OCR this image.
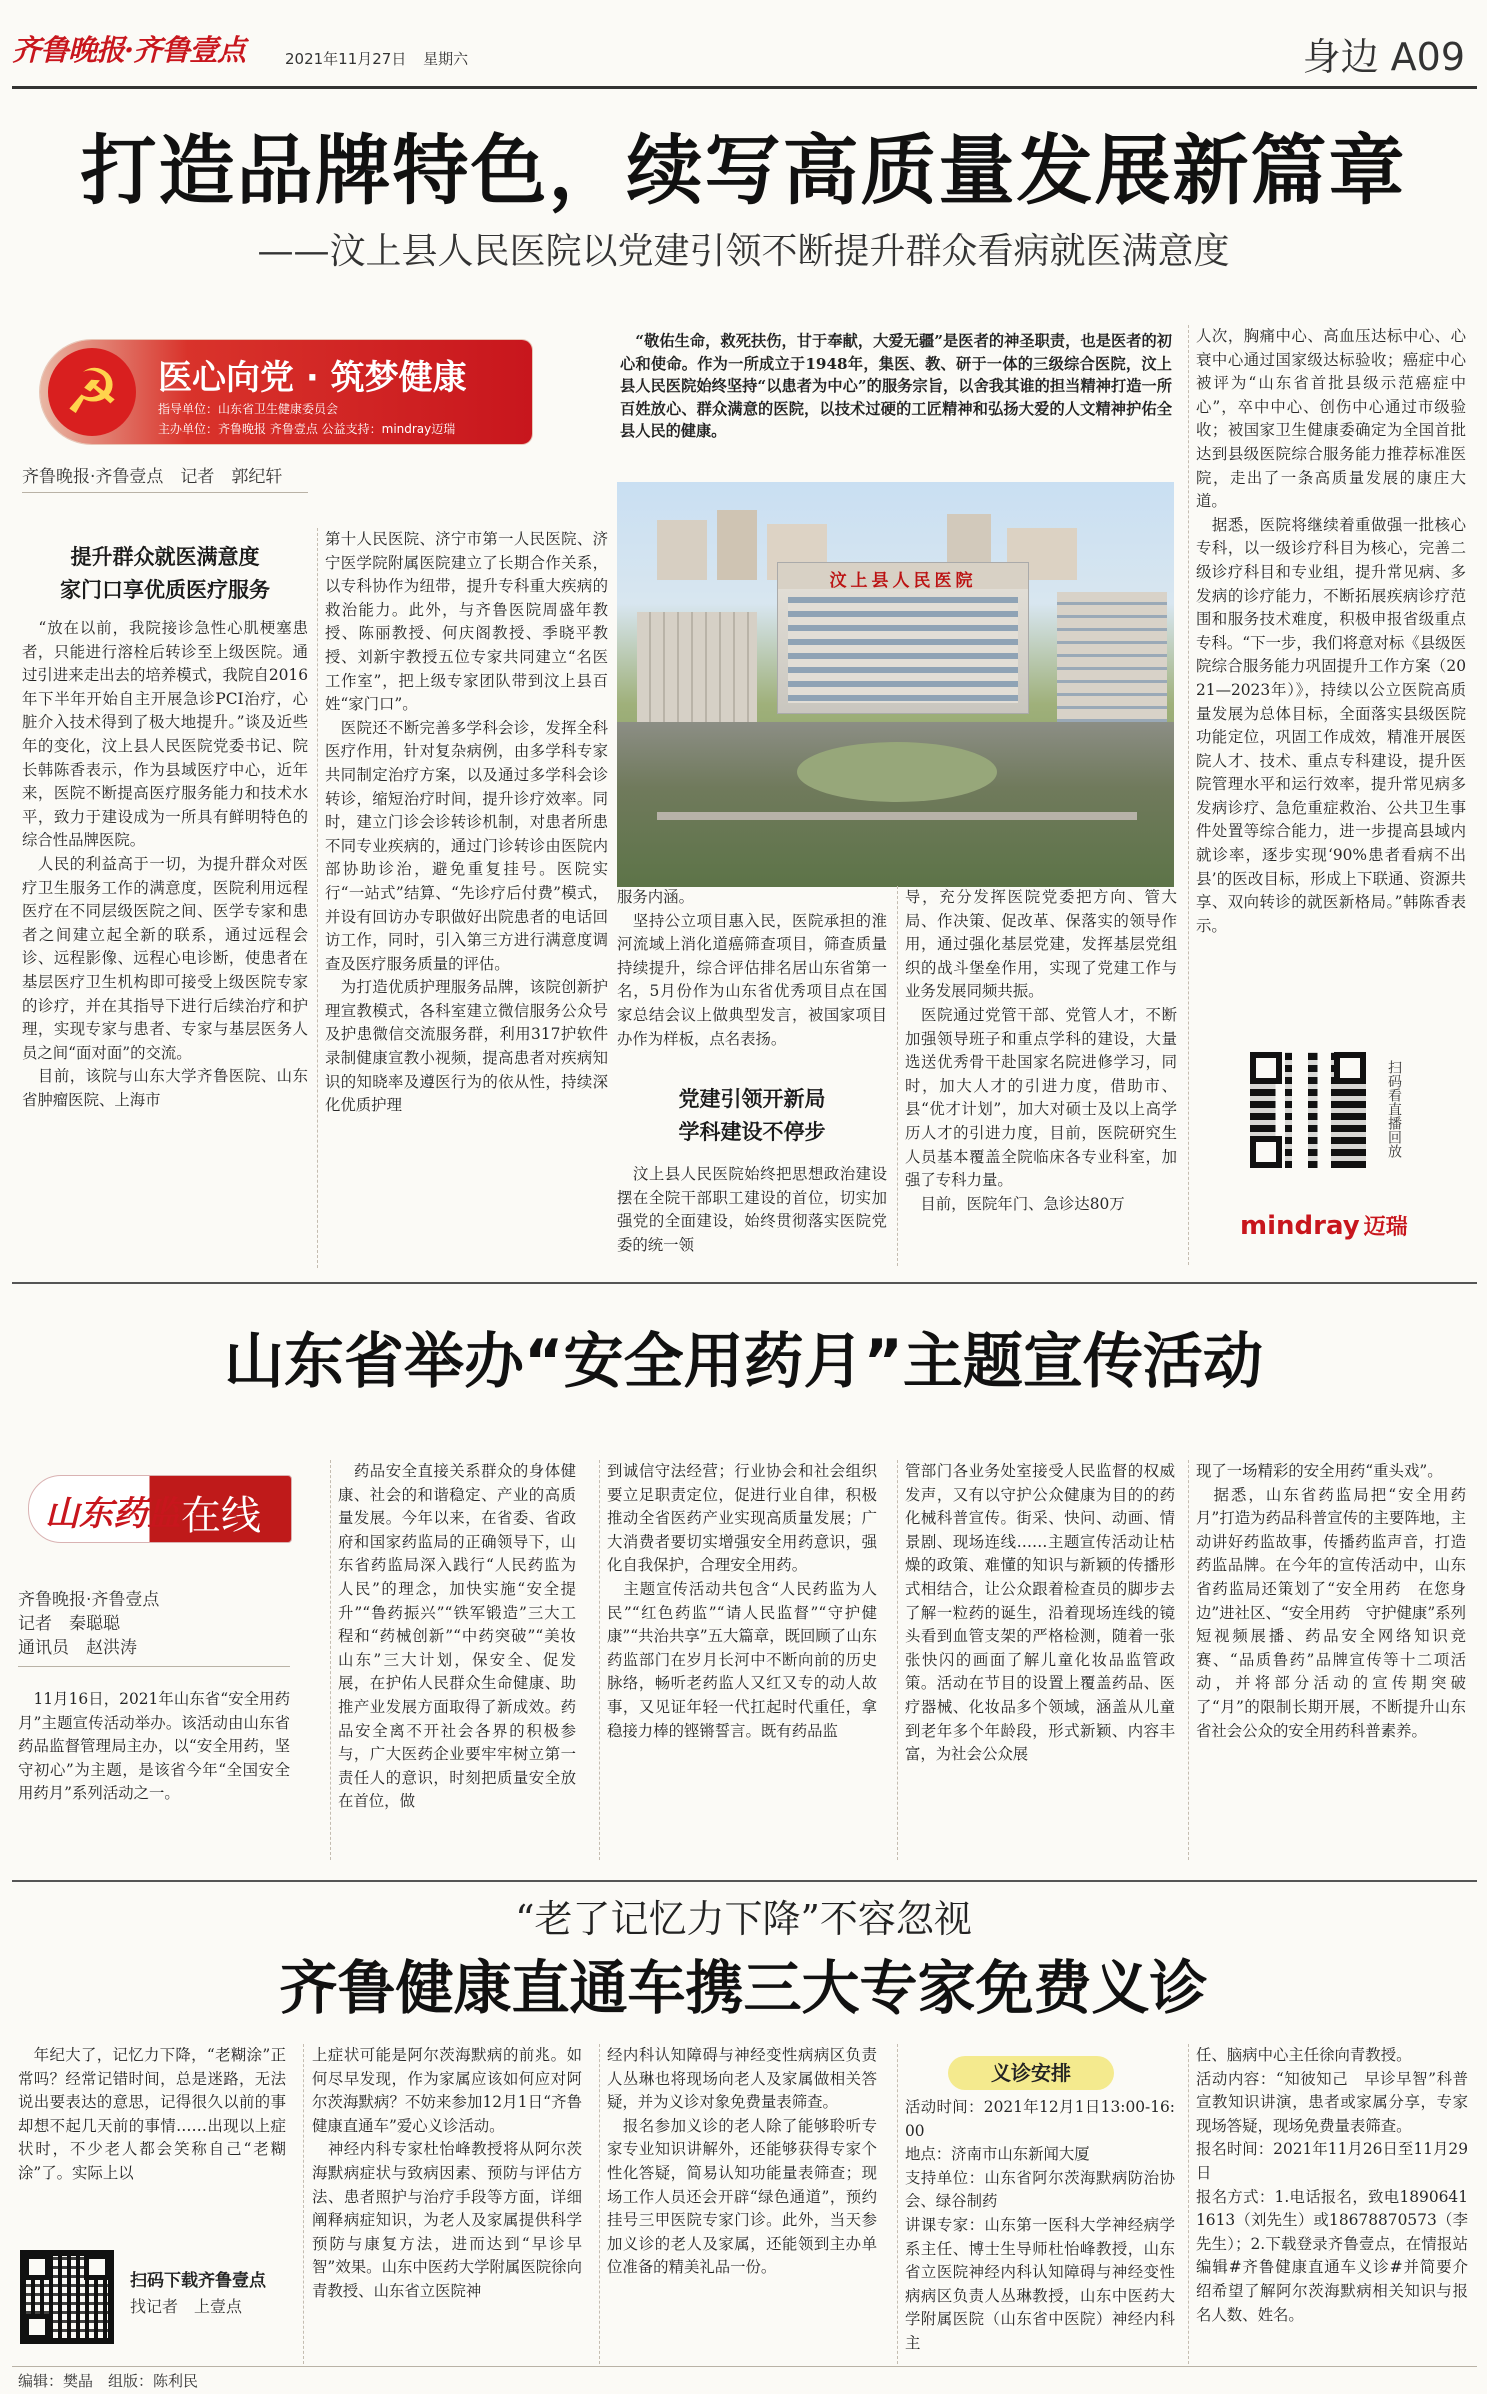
齐鲁晚报·齐鲁壹点	2021年11月27日 星期六	身边 A09
打造品牌特色，续写高质量发展新篇章
——汶上县人民医院以党建引领不断提升群众看病就医满意度
☭	医心向党 · 筑梦健康
指导单位：山东省卫生健康委员会
主办单位：齐鲁晚报 齐鲁壹点 公益支持：mindray迈瑞
齐鲁晚报·齐鲁壹点　记者　郭纪轩
提升群众就医满意度
家门口享优质医疗服务
　“放在以前，我院接诊急性心肌梗塞患者，只能进行溶栓后转诊至上级医院。通过引进来走出去的培养模式，我院自2016年下半年开始自主开展急诊PCI治疗，心脏介入技术得到了极大地提升。”谈及近些年的变化，汶上县人民医院党委书记、院长韩陈香表示，作为县域医疗中心，近年来，医院不断提高医疗服务能力和技术水平，致力于建设成为一所具有鲜明特色的综合性品牌医院。
　人民的利益高于一切，为提升群众对医疗卫生服务工作的满意度，医院利用远程医疗在不同层级医院之间、医学专家和患者之间建立起全新的联系，通过远程会诊、远程影像、远程心电诊断，使患者在基层医疗卫生机构即可接受上级医院专家的诊疗，并在其指导下进行后续治疗和护理，实现专家与患者、专家与基层医务人员之间“面对面”的交流。
　目前，该院与山东大学齐鲁医院、山东省肿瘤医院、上海市
第十人民医院、济宁市第一人民医院、济宁医学院附属医院建立了长期合作关系，以专科协作为纽带，提升专科重大疾病的救治能力。此外，与齐鲁医院周盛年教授、陈丽教授、何庆阁教授、季晓平教授、刘新宇教授五位专家共同建立“名医工作室”，把上级专家团队带到汶上县百姓“家门口”。
　医院还不断完善多学科会诊，发挥全科医疗作用，针对复杂病例，由多学科专家共同制定治疗方案，以及通过多学科会诊转诊，缩短治疗时间，提升诊疗效率。同时，建立门诊会诊转诊机制，对患者所患不同专业疾病的，通过门诊转诊由医院内部协助诊治，避免重复挂号。医院实行“一站式”结算、“先诊疗后付费”模式，并设有回访办专职做好出院患者的电话回访工作，同时，引入第三方进行满意度调查及医疗服务质量的评估。
　为打造优质护理服务品牌，该院创新护理宣教模式，各科室建立微信服务公众号及护患微信交流服务群，利用317护软件录制健康宣教小视频，提高患者对疾病知识的知晓率及遵医行为的依从性，持续深化优质护理
　“敬佑生命，救死扶伤，甘于奉献，大爱无疆”是医者的神圣职责，也是医者的初心和使命。作为一所成立于1948年，集医、教、研于一体的三级综合医院，汶上县人民医院始终坚持“以患者为中心”的服务宗旨，以舍我其谁的担当精神打造一所百姓放心、群众满意的医院，以技术过硬的工匠精神和弘扬大爱的人文精神护佑全县人民的健康。
汶上县人民医院
服务内涵。
　坚持公立项目惠入民，医院承担的淮河流域上消化道癌筛查项目，筛查质量持续提升，综合评估排名居山东省第一名，5月份作为山东省优秀项目点在国家总结会议上做典型发言，被国家项目办作为样板，点名表扬。
党建引领开新局
学科建设不停步
　汶上县人民医院始终把思想政治建设摆在全院干部职工建设的首位，切实加强党的全面建设，始终贯彻落实医院党委的统一领
导，充分发挥医院党委把方向、管大局、作决策、促改革、保落实的领导作用，通过强化基层党建，发挥基层党组织的战斗堡垒作用，实现了党建工作与业务发展同频共振。
　医院通过党管干部、党管人才，不断加强领导班子和重点学科的建设，大量选送优秀骨干赴国家名院进修学习，同时，加大人才的引进力度，借助市、县“优才计划”，加大对硕士及以上高学历人才的引进力度，目前，医院研究生人员基本覆盖全院临床各专业科室，加强了专科力量。
　目前，医院年门、急诊达80万
人次，胸痛中心、高血压达标中心、心衰中心通过国家级达标验收；癌症中心被评为“山东省首批县级示范癌症中心”，卒中中心、创伤中心通过市级验收；被国家卫生健康委确定为全国首批达到县级医院综合服务能力推荐标准医院，走出了一条高质量发展的康庄大道。
　据悉，医院将继续着重做强一批核心专科，以一级诊疗科目为核心，完善二级诊疗科目和专业组，提升常见病、多发病的诊疗能力，不断拓展疾病诊疗范围和服务技术难度，积极申报省级重点专科。“下一步，我们将意对标《县级医院综合服务能力巩固提升工作方案（2021—2023年）》，持续以公立医院高质量发展为总体目标，全面落实县级医院功能定位，巩固工作成效，精准开展医院人才、技术、重点专科建设，提升医院管理水平和运行效率，提升常见病多发病诊疗、急危重症救治、公共卫生事件处置等综合能力，进一步提高县域内就诊率，逐步实现‘90%患者看病不出县’的医改目标，形成上下联通、资源共享、双向转诊的就医新格局。”韩陈香表示。
扫码看直播回放
mindray 迈瑞
山东省举办“安全用药月”主题宣传活动
山东药监 在线
齐鲁晚报·齐鲁壹点
记者　秦聪聪
通讯员　赵洪涛
　11月16日，2021年山东省“安全用药月”主题宣传活动举办。该活动由山东省药品监督管理局主办，以“安全用药，坚守初心”为主题，是该省今年“全国安全用药月”系列活动之一。
　药品安全直接关系群众的身体健康、社会的和谐稳定、产业的高质量发展。今年以来，在省委、省政府和国家药监局的正确领导下，山东省药监局深入践行“人民药监为人民”的理念，加快实施“安全提升”“鲁药振兴”“铁军锻造”三大工程和“药械创新”“中药突破”“美妆山东”三大计划，保安全、促发展，在护佑人民群众生命健康、助推产业发展方面取得了新成效。药品安全离不开社会各界的积极参与，广大医药企业要牢牢树立第一责任人的意识，时刻把质量安全放在首位，做
到诚信守法经营；行业协会和社会组织要立足职责定位，促进行业自律，积极推动全省医药产业实现高质量发展；广大消费者要切实增强安全用药意识，强化自我保护，合理安全用药。
　主题宣传活动共包含“人民药监为人民”“红色药监”“请人民监督”“守护健康”“共治共享”五大篇章，既回顾了山东药监部门在岁月长河中不断向前的历史脉络，畅听老药监人又红又专的动人故事，又见证年轻一代扛起时代重任，拿稳接力棒的铿锵誓言。既有药品监
管部门各业务处室接受人民监督的权威发声，又有以守护公众健康为目的的药化械科普宣传。街采、快问、动画、情景剧、现场连线……主题宣传活动让枯燥的政策、难懂的知识与新颖的传播形式相结合，让公众跟着检查员的脚步去了解一粒药的诞生，沿着现场连线的镜头看到血管支架的严格检测，随着一张张快闪的画面了解儿童化妆品监管政策。活动在节目的设置上覆盖药品、医疗器械、化妆品多个领域，涵盖从儿童到老年多个年龄段，形式新颖、内容丰富，为社会公众展
现了一场精彩的安全用药“重头戏”。
　据悉，山东省药监局把“安全用药月”打造为药品科普宣传的主要阵地，主动讲好药监故事，传播药监声音，打造药监品牌。在今年的宣传活动中，山东省药监局还策划了“安全用药　在您身边”进社区、“安全用药　守护健康”系列短视频展播、药品安全网络知识竞赛、“品质鲁药”品牌宣传等十二项活动，并将部分活动的宣传期突破了“月”的限制长期开展，不断提升山东省社会公众的安全用药科普素养。
“老了记忆力下降”不容忽视
齐鲁健康直通车携三大专家免费义诊
　年纪大了，记忆力下降，“老糊涂”正常吗？经常记错时间，总是迷路，无法说出要表达的意思，记得很久以前的事却想不起几天前的事情……出现以上症状时，不少老人都会笑称自己“老糊涂”了。实际上以
扫码下载齐鲁壹点
找记者　上壹点
上症状可能是阿尔茨海默病的前兆。如何尽早发现，作为家属应该如何应对阿尔茨海默病？不妨来参加12月1日“齐鲁健康直通车”爱心义诊活动。
　神经内科专家杜怡峰教授将从阿尔茨海默病症状与致病因素、预防与评估方法、患者照护与治疗手段等方面，详细阐释病症知识，为老人及家属提供科学预防与康复方法，进而达到“早诊早智”效果。山东中医药大学附属医院徐向青教授、山东省立医院神
经内科认知障碍与神经变性病病区负责人丛琳也将现场向老人及家属做相关答疑，并为义诊对象免费量表筛查。
　报名参加义诊的老人除了能够聆听专家专业知识讲解外，还能够获得专家个性化答疑，简易认知功能量表筛查；现场工作人员还会开辟“绿色通道”，预约挂号三甲医院专家门诊。此外，当天参加义诊的老人及家属，还能领到主办单位准备的精美礼品一份。
义诊安排
活动时间：2021年12月1日13:00-16:00
地点：济南市山东新闻大厦
支持单位：山东省阿尔茨海默病防治协会、绿谷制药
讲课专家：山东第一医科大学神经病学系主任、博士生导师杜怡峰教授，山东省立医院神经内科认知障碍与神经变性病病区负责人丛琳教授，山东中医药大学附属医院（山东省中医院）神经内科主
任、脑病中心主任徐向青教授。
活动内容：“知彼知己　早诊早智”科普宣教知识讲演，患者或家属分享，专家现场答疑，现场免费量表筛查。
报名时间：2021年11月26日至11月29日
报名方式：1.电话报名，致电18906411613（刘先生）或18678870573（李先生）；2.下载登录齐鲁壹点，在情报站编辑#齐鲁健康直通车义诊#并简要介绍希望了解阿尔茨海默病相关知识与报名人数、姓名。
编辑：樊晶　组版：陈利民
